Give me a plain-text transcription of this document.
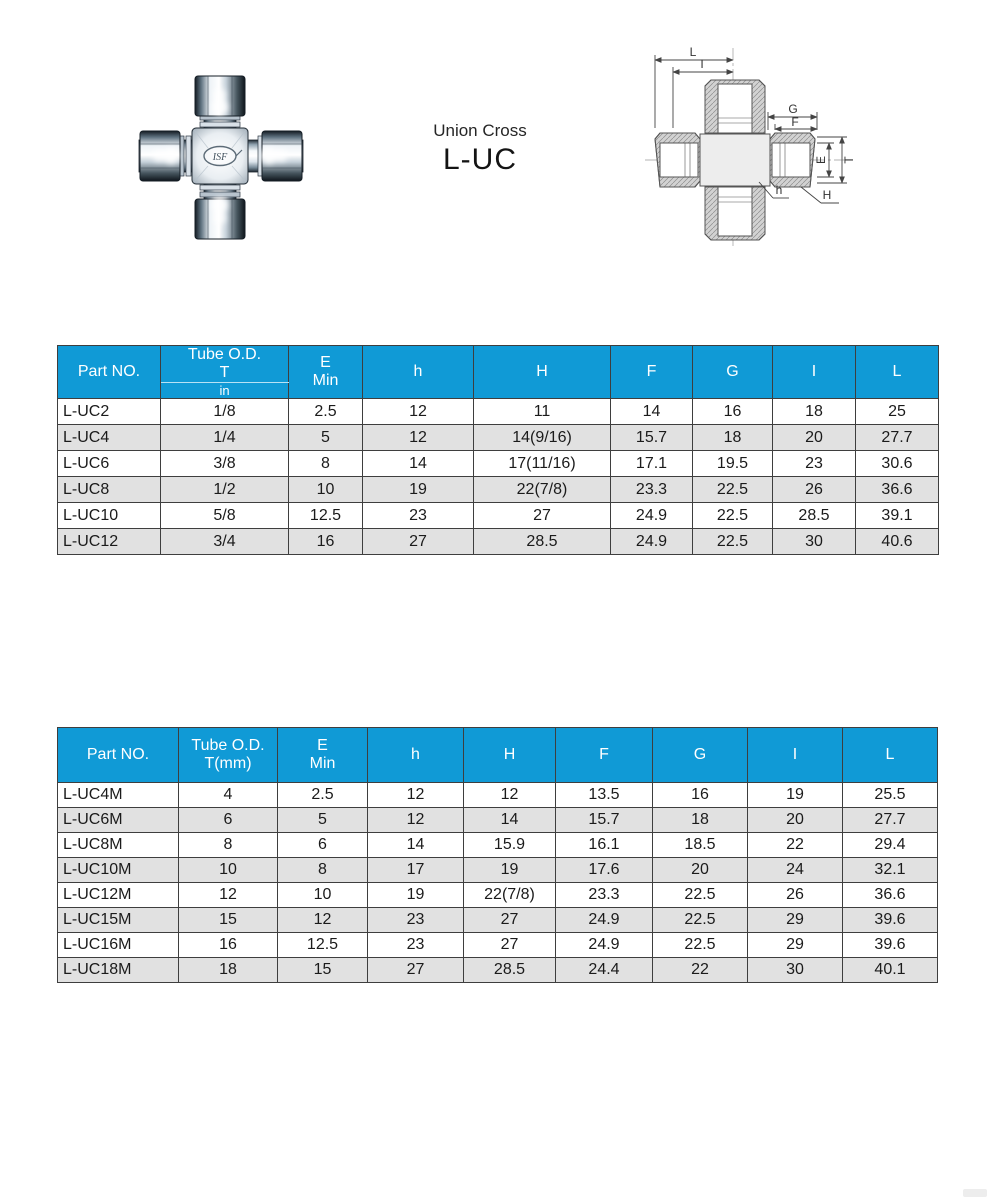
ISF
Union Cross
L-UC
L
I
G
F
E T
h	H
Part NO.	
Tube O.D.
T

E
Min
	h	H	F	G	I	L
	in							
L-UC2	1/8	2.5	12	11	14	16	18	25
L-UC4	1/4	5	12	14(9/16)	15.7	18	20	27.7
L-UC6	3/8	8	14	17(11/16)	17.1	19.5	23	30.6
L-UC8	1/2	10	19	22(7/8)	23.3	22.5	26	36.6
L-UC10	5/8	12.5	23	27	24.9	22.5	28.5	39.1
L-UC12	3/4	16	27	28.5	24.9	22.5	30	40.6
Part NO.	
Tube O.D.
T(mm)

E
Min
	h	H	F	G	I	L
L-UC4M	4	2.5	12	12	13.5	16	19	25.5
L-UC6M	6	5	12	14	15.7	18	20	27.7
L-UC8M	8	6	14	15.9	16.1	18.5	22	29.4
L-UC10M	10	8	17	19	17.6	20	24	32.1
L-UC12M	12	10	19	22(7/8)	23.3	22.5	26	36.6
L-UC15M	15	12	23	27	24.9	22.5	29	39.6
L-UC16M	16	12.5	23	27	24.9	22.5	29	39.6
L-UC18M	18	15	27	28.5	24.4	22	30	40.1
